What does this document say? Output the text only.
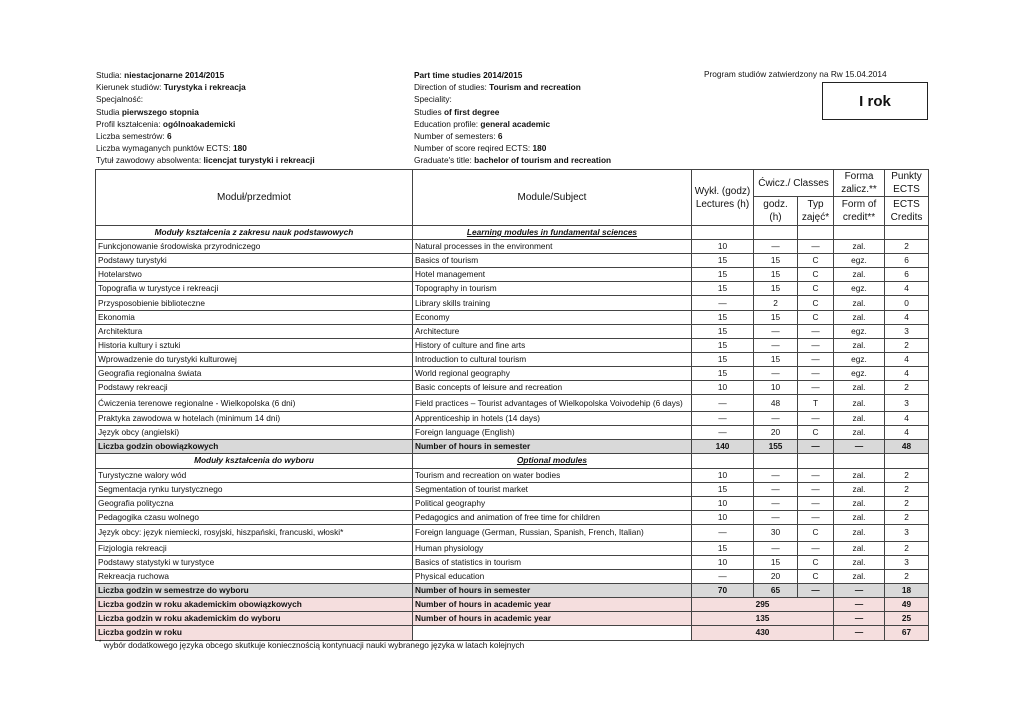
Studia: niestacjonarne 2014/2015
Kierunek studiów: Turystyka i rekreacja
Specjalność:
Studia pierwszego stopnia
Profil kształcenia: ogólnoakademicki
Liczba semestrów: 6
Liczba wymaganych punktów ECTS: 180
Tytuł zawodowy absolwenta: licencjat turystyki i rekreacji
Part time studies 2014/2015
Direction of studies: Tourism and recreation
Speciality:
Studies of first degree
Education profile: general academic
Number of semesters: 6
Number of score reqired ECTS: 180
Graduate's title: bachelor of tourism and recreation
Program studiów zatwierdzony na Rw 15.04.2014
I rok
Moduł/przedmiot	Module/Subject	Wykł. (godz) Lectures (h)	Ćwicz./ Classes		Forma zalicz.**	Punkty ECTS
			godz. (h)	Typ zajęć*	Form of credit**	ECTS Credits
Moduły kształcenia z zakresu nauk podstawowych	Learning modules in fundamental sciences					
Funkcjonowanie środowiska przyrodniczego	Natural processes in the environment	10	—	—	zal.	2
Podstawy turystyki	Basics of tourism	15	15	C	egz.	6
Hotelarstwo	Hotel management	15	15	C	zal.	6
Topografia w turystyce i rekreacji	Topography in tourism	15	15	C	egz.	4
Przysposobienie biblioteczne	Library skills training	—	2	C	zal.	0
Ekonomia	Economy	15	15	C	zal.	4
Architektura	Architecture	15	—	—	egz.	3
Historia kultury i sztuki	History of culture and fine arts	15	—	—	zal.	2
Wprowadzenie do turystyki kulturowej	Introduction to cultural tourism	15	15	—	egz.	4
Geografia regionalna świata	World regional geography	15	—	—	egz.	4
Podstawy rekreacji	Basic concepts of leisure and recreation	10	10	—	zal.	2
Ćwiczenia terenowe regionalne - Wielkopolska (6 dni)	Field practices – Tourist advantages of Wielkopolska Voivodehip (6 days)	—	48	T	zal.	3
Praktyka zawodowa w hotelach (minimum 14 dni)	Apprenticeship in hotels (14 days)	—	—	—	zal.	4
Język obcy (angielski)	Foreign language (English)	—	20	C	zal.	4
Liczba godzin obowiązkowych	Number of hours in semester	140	155	—	—	48
Moduły kształcenia do wyboru	Optional modules					
Turystyczne walory wód	Tourism and recreation on water bodies	10	—	—	zal.	2
Segmentacja rynku turystycznego	Segmentation of tourist market	15	—	—	zal.	2
Geografia polityczna	Political geography	10	—	—	zal.	2
Pedagogika czasu wolnego	Pedagogics and animation of free time for children	10	—	—	zal.	2
Język obcy: język niemiecki, rosyjski, hiszpański, francuski, włoski*	Foreign language (German, Russian, Spanish, French, Italian)	—	30	C	zal.	3
Fizjologia rekreacji	Human physiology	15	—	—	zal.	2
Podstawy statystyki w turystyce	Basics of statistics in tourism	10	15	C	zal.	3
Rekreacja ruchowa	Physical education	—	20	C	zal.	2
Liczba godzin w semestrze do wyboru	Number of hours in semester	70	65	—	—	18
Liczba godzin w roku akademickim obowiązkowych	Number of hours in academic year	295			—	49
Liczba godzin w roku akademickim do wyboru	Number of hours in academic year	135			—	25
Liczba godzin w roku		430			—	67
* wybór dodatkowego języka obcego skutkuje koniecznością kontynuacji nauki wybranego języka w latach kolejnych
